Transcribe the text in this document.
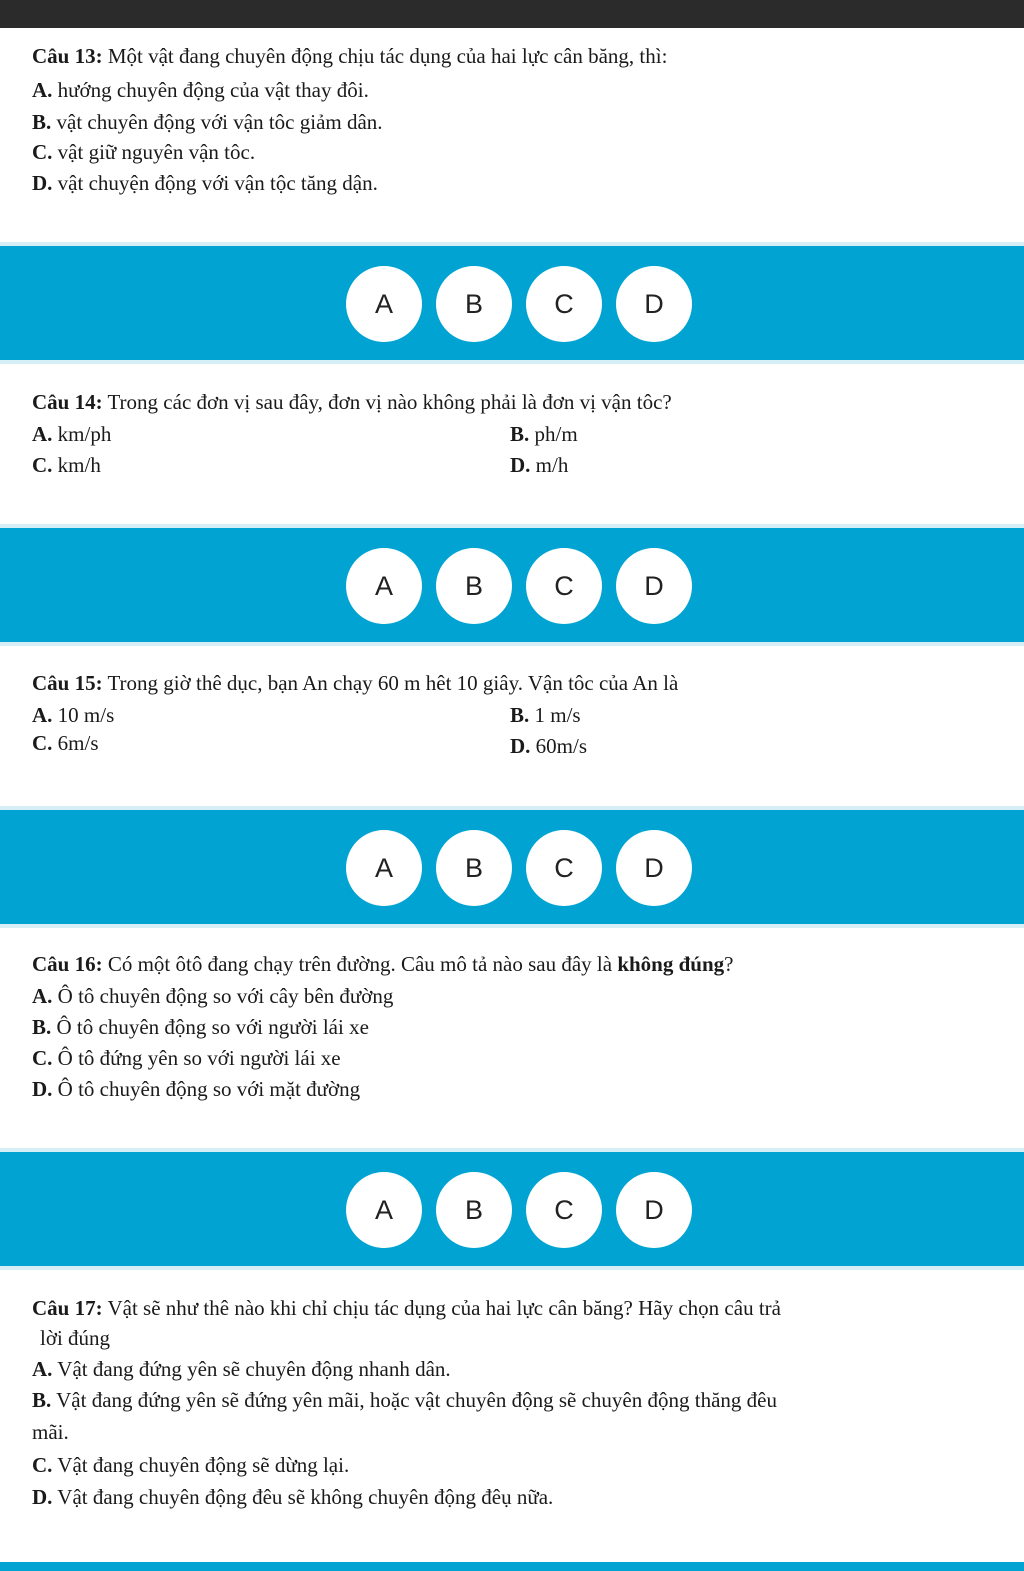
Câu 13: Một vật đang chuyên động chịu tác dụng của hai lực cân băng, thì:
A. hướng chuyên động của vật thay đôi.
B. vật chuyên động với vận tôc giảm dân.
C. vật giữ nguyên vận tôc.
D. vật chuyện động với vận tộc tăng dận.
A	B	C	D
Câu 14: Trong các đơn vị sau đây, đơn vị nào không phải là đơn vị vận tôc?
A. km/ph	B. ph/m
C. km/h	D. m/h
A	B	C	D
Câu 15: Trong giờ thê dục, bạn An chạy 60 m hêt 10 giây. Vận tôc của An là
A. 10 m/s	B. 1 m/s
C. 6m/s	D. 60m/s
A	B	C	D
Câu 16: Có một ôtô đang chạy trên đường. Câu mô tả nào sau đây là không đúng?
A. Ô tô chuyên động so với cây bên đường
B. Ô tô chuyên động so với người lái xe
C. Ô tô đứng yên so với người lái xe
D. Ô tô chuyên động so với mặt đường
A	B	C	D
Câu 17: Vật sẽ như thê nào khi chỉ chịu tác dụng của hai lực cân băng? Hãy chọn câu trả
lời đúng
A. Vật đang đứng yên sẽ chuyên động nhanh dân.
B. Vật đang đứng yên sẽ đứng yên mãi, hoặc vật chuyên động sẽ chuyên động thăng đêu
mãi.
C. Vật đang chuyên động sẽ dừng lại.
D. Vật đang chuyên động đêu sẽ không chuyên động đêụ nữa.
